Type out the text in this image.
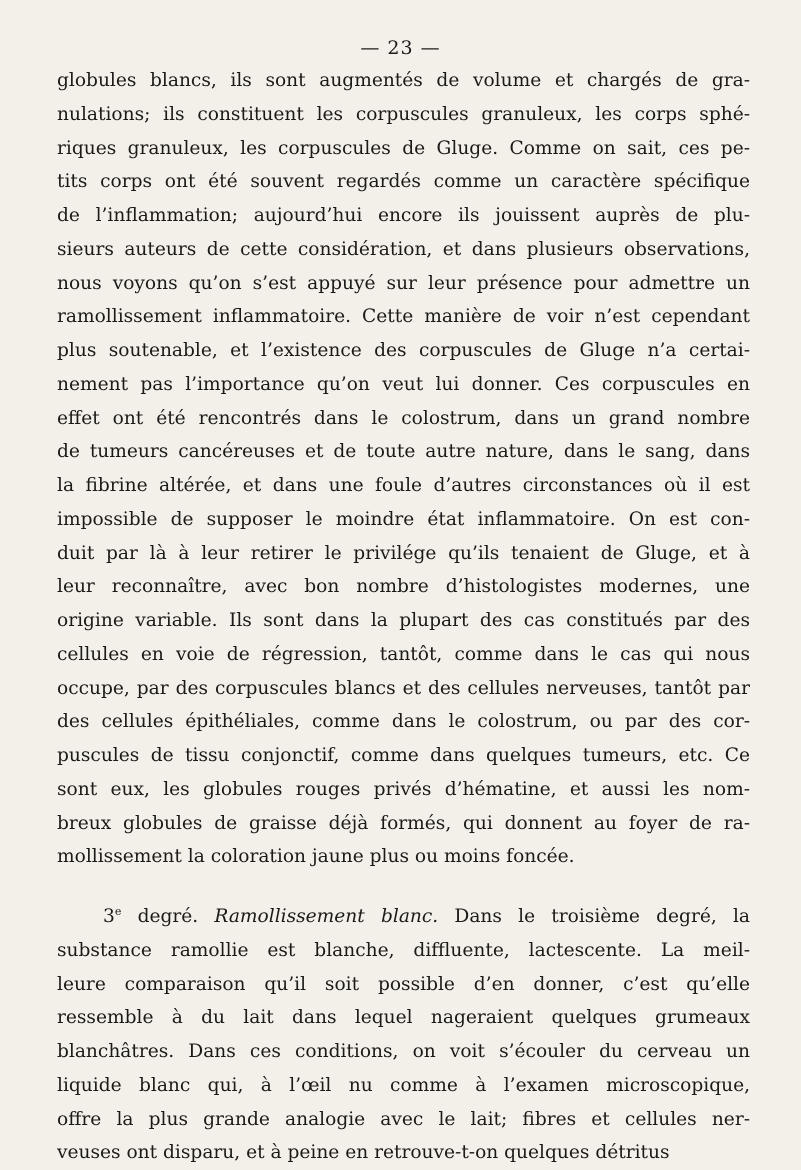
— 23 —
globules blancs, ils sont augmentés de volume et chargés de gra-
nulations; ils constituent les corpuscules granuleux, les corps sphé-
riques granuleux, les corpuscules de Gluge. Comme on sait, ces pe-
tits corps ont été souvent regardés comme un caractère spécifique
de l’inflammation; aujourd’hui encore ils jouissent auprès de plu-
sieurs auteurs de cette considération, et dans plusieurs observations,
nous voyons qu’on s’est appuyé sur leur présence pour admettre un
ramollissement inflammatoire. Cette manière de voir n’est cependant
plus soutenable, et l’existence des corpuscules de Gluge n’a certai-
nement pas l’importance qu’on veut lui donner. Ces corpuscules en
effet ont été rencontrés dans le colostrum, dans un grand nombre
de tumeurs cancéreuses et de toute autre nature, dans le sang, dans
la fibrine altérée, et dans une foule d’autres circonstances où il est
impossible de supposer le moindre état inflammatoire. On est con-
duit par là à leur retirer le privilége qu’ils tenaient de Gluge, et à
leur reconnaître, avec bon nombre d’histologistes modernes, une
origine variable. Ils sont dans la plupart des cas constitués par des
cellules en voie de régression, tantôt, comme dans le cas qui nous
occupe, par des corpuscules blancs et des cellules nerveuses, tantôt par
des cellules épithéliales, comme dans le colostrum, ou par des cor-
puscules de tissu conjonctif, comme dans quelques tumeurs, etc. Ce
sont eux, les globules rouges privés d’hématine, et aussi les nom-
breux globules de graisse déjà formés, qui donnent au foyer de ra-
mollissement la coloration jaune plus ou moins foncée.
3e degré. Ramollissement blanc. Dans le troisième degré, la
substance ramollie est blanche, diffluente, lactescente. La meil-
leure comparaison qu’il soit possible d’en donner, c’est qu’elle
ressemble à du lait dans lequel nageraient quelques grumeaux
blanchâtres. Dans ces conditions, on voit s’écouler du cerveau un
liquide blanc qui, à l’œil nu comme à l’examen microscopique,
offre la plus grande analogie avec le lait; fibres et cellules ner-
veuses ont disparu, et à peine en retrouve-t-on quelques détritus
